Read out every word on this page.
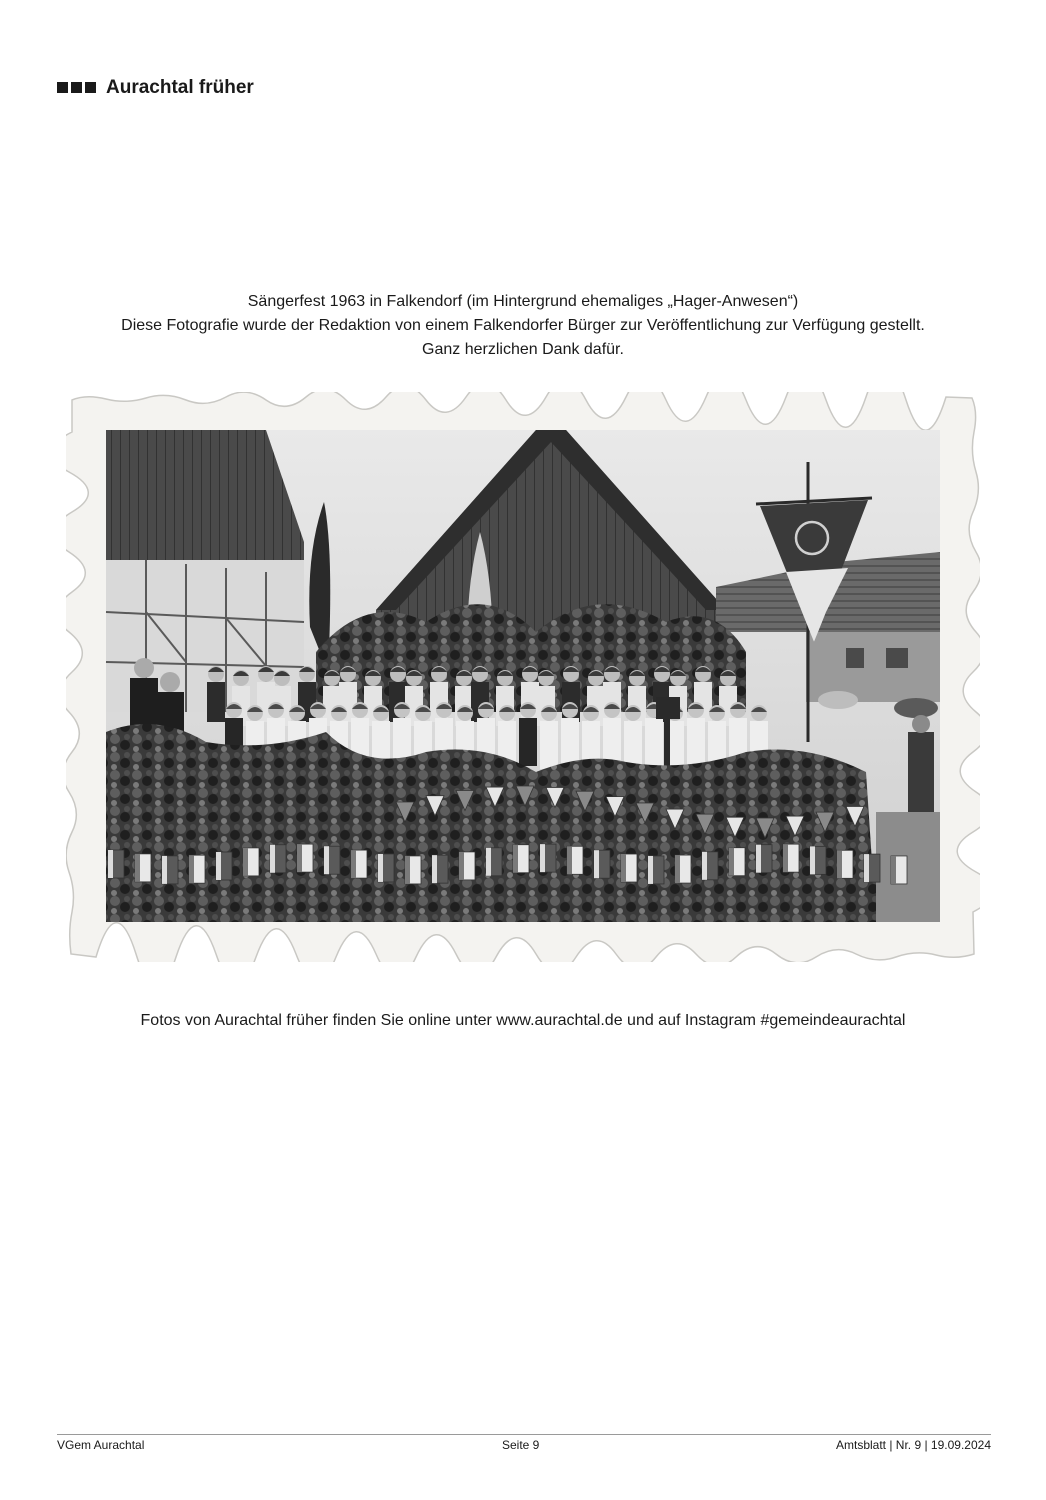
Aurachtal früher
Sängerfest 1963 in Falkendorf (im Hintergrund ehemaliges „Hager-Anwesen“)
Diese Fotografie wurde der Redaktion von einem Falkendorfer Bürger zur Veröffentlichung zur Verfügung gestellt.
Ganz herzlichen Dank dafür.
Fotos von Aurachtal früher finden Sie online unter www.aurachtal.de und auf Instagram #gemeindeaurachtal
VGem Aurachtal	Seite 9	Amtsblatt | Nr. 9 | 19.09.2024
